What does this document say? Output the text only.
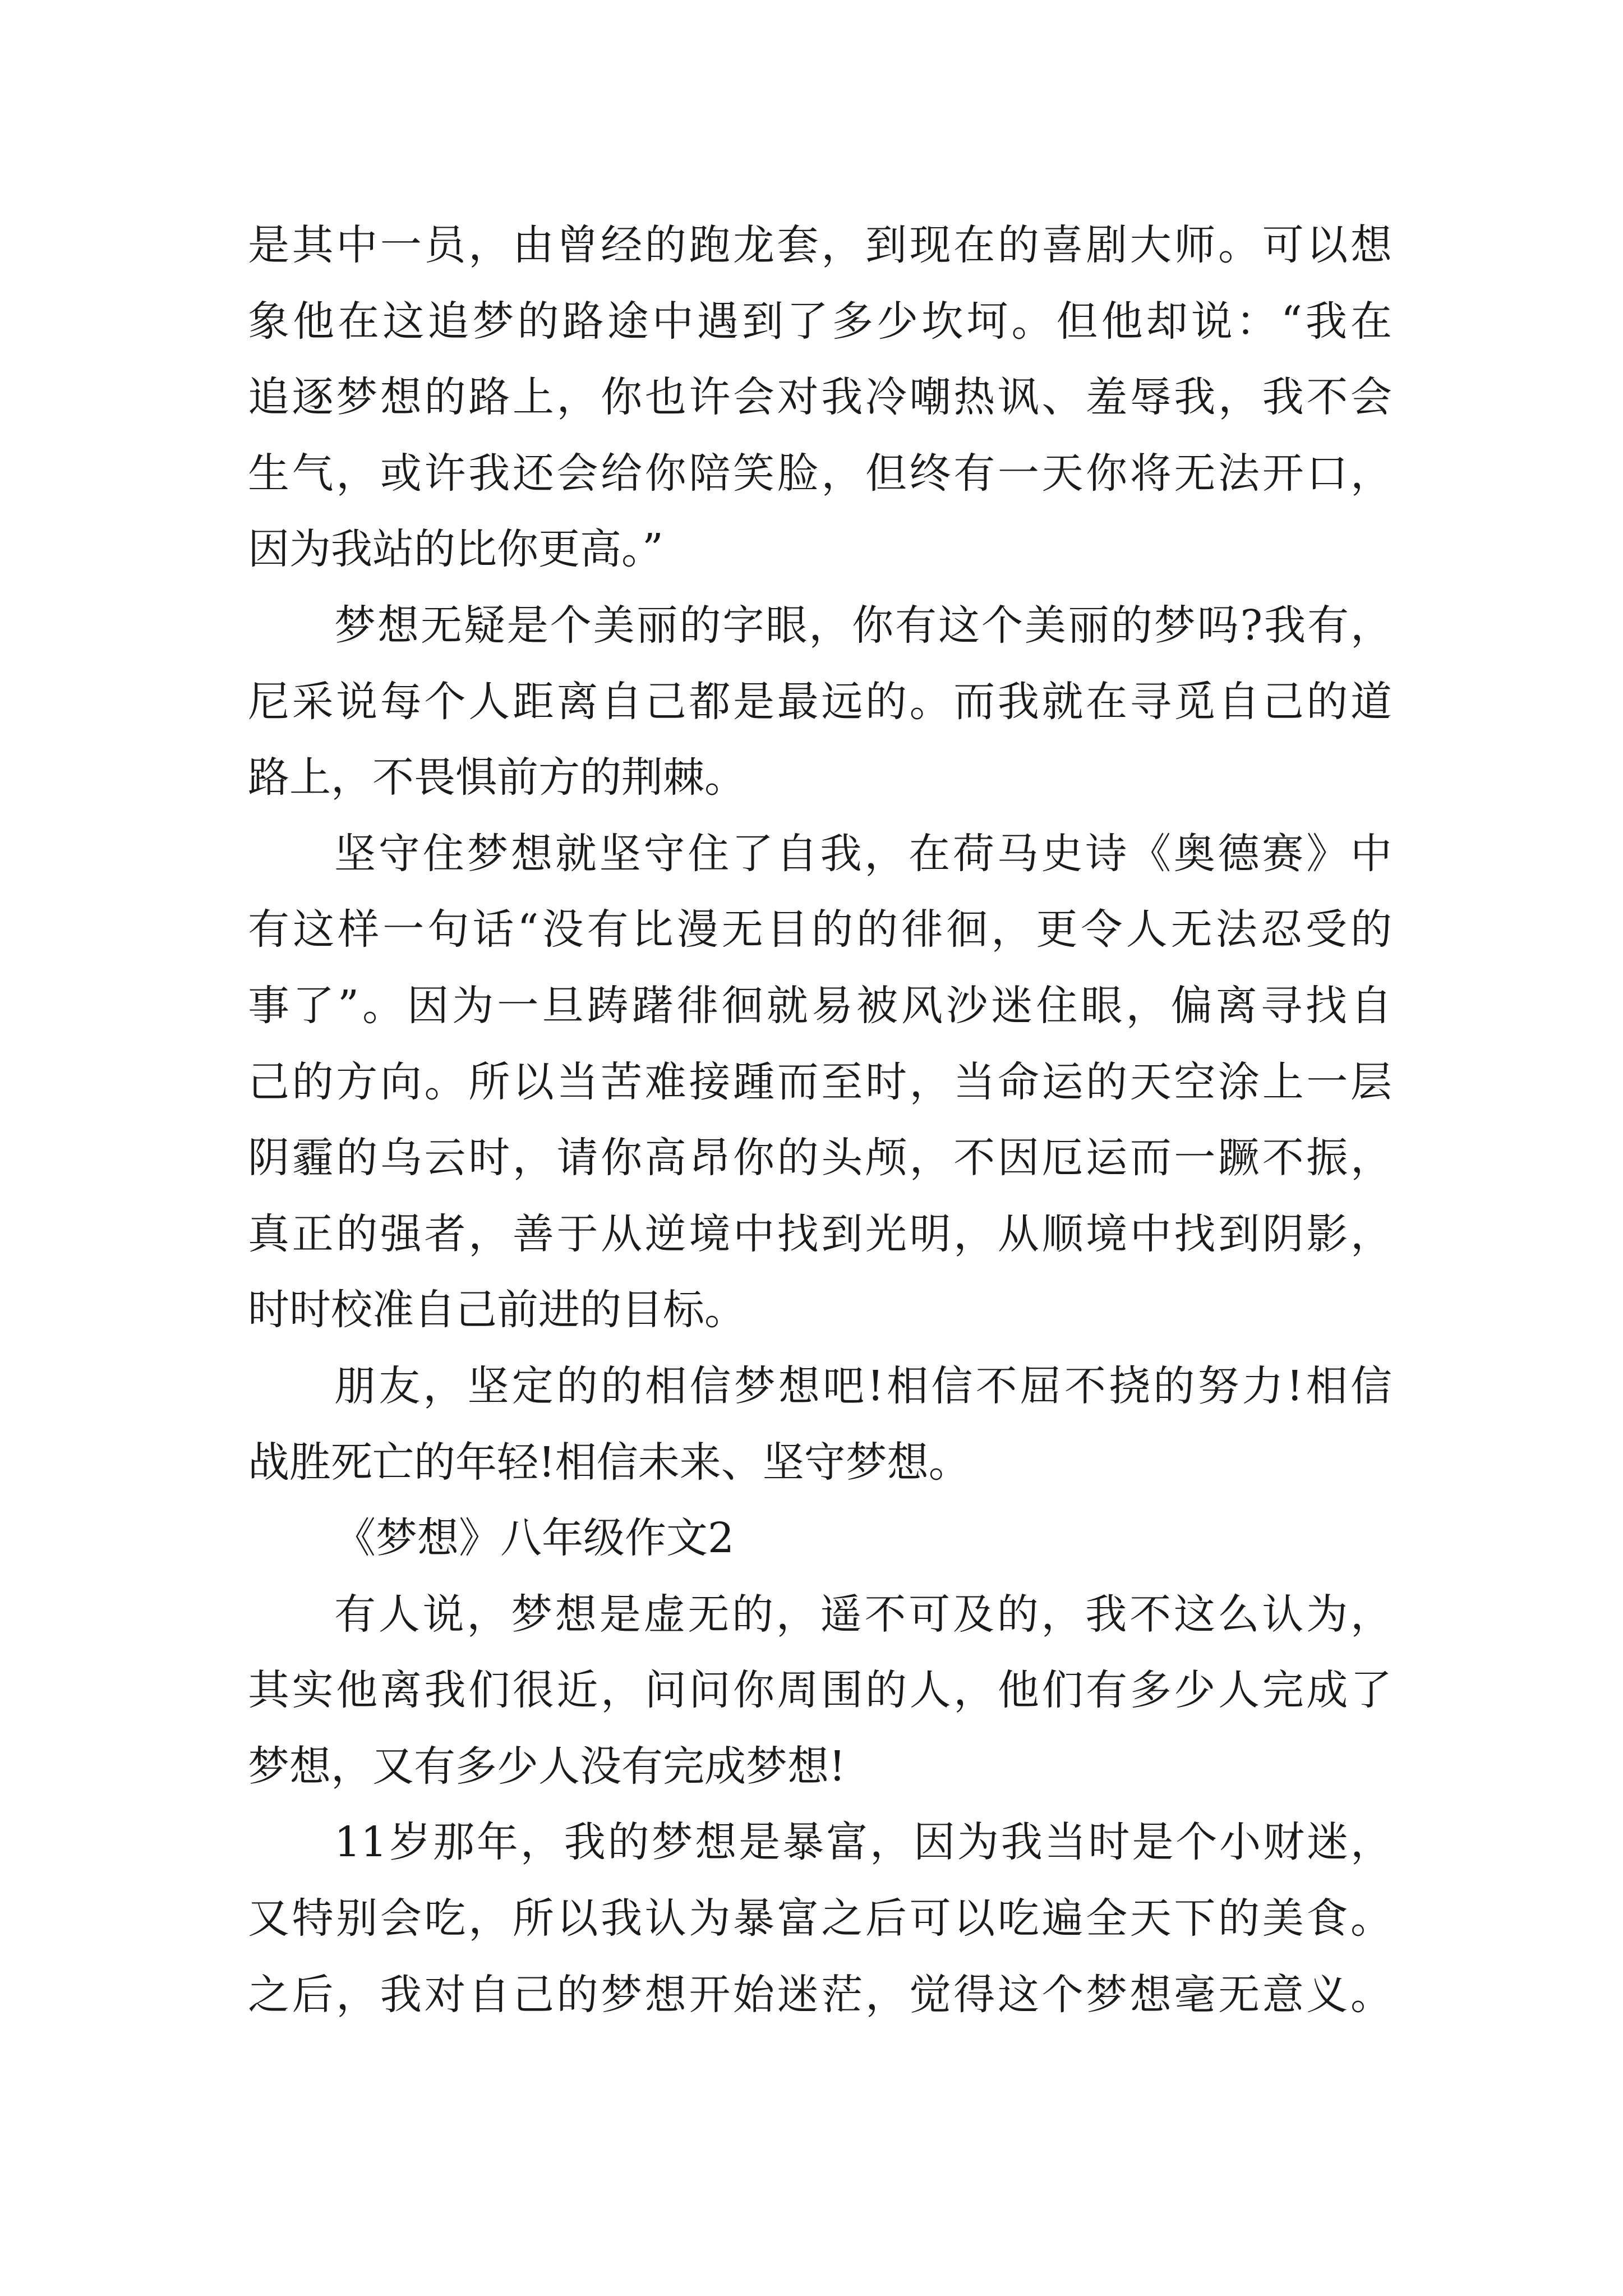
是其中一员，由曾经的跑龙套，到现在的喜剧大师。可以想
象他在这追梦的路途中遇到了多少坎坷。但他却说：“我在
追逐梦想的路上，你也许会对我冷嘲热讽、羞辱我，我不会
生气，或许我还会给你陪笑脸，但终有一天你将无法开口，
因为我站的比你更高。”
梦想无疑是个美丽的字眼，你有这个美丽的梦吗?我有，
尼采说每个人距离自己都是最远的。而我就在寻觅自己的道
路上，不畏惧前方的荆棘。
坚守住梦想就坚守住了自我，在荷马史诗《奥德赛》中
有这样一句话“没有比漫无目的的徘徊，更令人无法忍受的
事了”。因为一旦踌躇徘徊就易被风沙迷住眼，偏离寻找自
己的方向。所以当苦难接踵而至时，当命运的天空涂上一层
阴霾的乌云时，请你高昂你的头颅，不因厄运而一蹶不振，
真正的强者，善于从逆境中找到光明，从顺境中找到阴影，
时时校准自己前进的目标。
朋友，坚定的的相信梦想吧!相信不屈不挠的努力!相信
战胜死亡的年轻!相信未来、坚守梦想。
《梦想》八年级作文2
有人说，梦想是虚无的，遥不可及的，我不这么认为，
其实他离我们很近，问问你周围的人，他们有多少人完成了
梦想，又有多少人没有完成梦想!
11岁那年，我的梦想是暴富，因为我当时是个小财迷，
又特别会吃，所以我认为暴富之后可以吃遍全天下的美食。
之后，我对自己的梦想开始迷茫，觉得这个梦想毫无意义。
